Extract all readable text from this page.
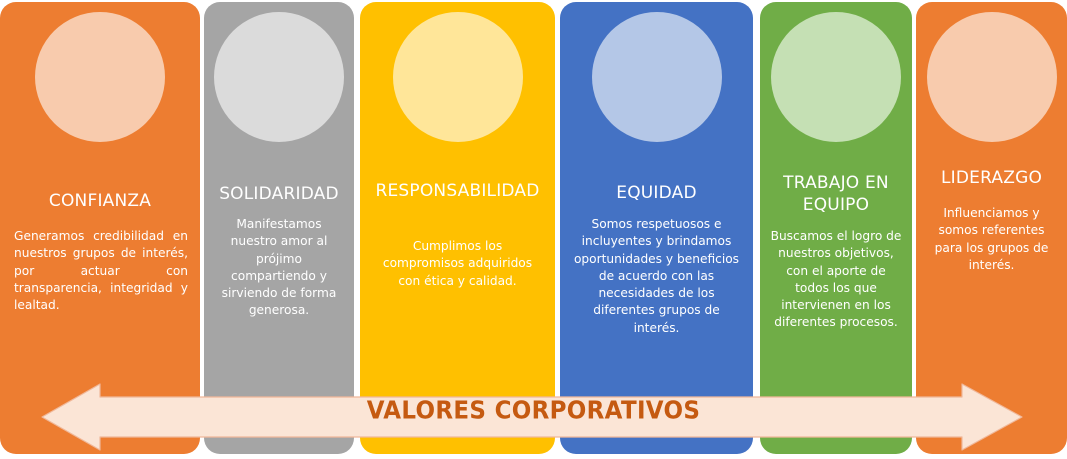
CONFIANZA
Generamos credibilidad en nuestros grupos de interés, por actuar con transparencia, integridad y lealtad.
SOLIDARIDAD
Manifestamos nuestro amor al prójimo compartiendo y sirviendo de forma generosa.
RESPONSABILIDAD
Cumplimos los compromisos adquiridos con ética y calidad.
EQUIDAD
Somos respetuosos e incluyentes y brindamos oportunidades y beneficios de acuerdo con las necesidades de los diferentes grupos de interés.
TRABAJO EN EQUIPO
Buscamos el logro de nuestros objetivos, con el aporte de todos los que intervienen en los diferentes procesos.
LIDERAZGO
Influenciamos y somos referentes para los grupos de interés.
VALORES CORPORATIVOS
